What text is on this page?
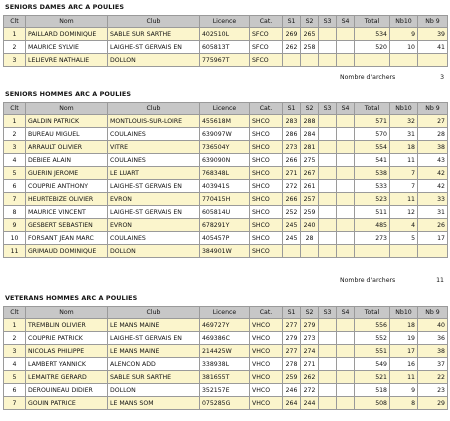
SENIORS DAMES ARC A POULIES
Clt	Nom	Club	Licence	Cat.	S1	S2	S3	S4	Total	Nb10	Nb 9
1	PAILLARD DOMINIQUE	SABLE SUR SARTHE	402510L	SFCO	269	265			534	9	39
2	MAURICE SYLVIE	LAIGHE-ST GERVAIS EN	605813T	SFCO	262	258			520	10	41
3	LELIEVRE NATHALIE	DOLLON	775967T	SFCO							
Nombre d'archers	3
SENIORS HOMMES ARC A POULIES
Clt	Nom	Club	Licence	Cat.	S1	S2	S3	S4	Total	Nb10	Nb 9
1	GALDIN PATRICK	MONTLOUIS-SUR-LOIRE	455618M	SHCO	283	288			571	32	27
2	BUREAU MIGUEL	COULAINES	639097W	SHCO	286	284			570	31	28
3	ARRAULT OLIVIER	VITRE	736504Y	SHCO	273	281			554	18	38
4	DEBIEE ALAIN	COULAINES	639090N	SHCO	266	275			541	11	43
5	GUERIN JEROME	LE LUART	768348L	SHCO	271	267			538	7	42
6	COUPRIE ANTHONY	LAIGHE-ST GERVAIS EN	403941S	SHCO	272	261			533	7	42
7	HEURTEBIZE OLIVIER	EVRON	770415H	SHCO	266	257			523	11	33
8	MAURICE VINCENT	LAIGHE-ST GERVAIS EN	605814U	SHCO	252	259			511	12	31
9	GESBERT SEBASTIEN	EVRON	678291Y	SHCO	245	240			485	4	26
10	FORSANT JEAN MARC	COULAINES	405457P	SHCO	245	28			273	5	17
11	GRIMAUD DOMINIQUE	DOLLON	384901W	SHCO							
Nombre d'archers	11
VETERANS HOMMES ARC A POULIES
Clt	Nom	Club	Licence	Cat.	S1	S2	S3	S4	Total	Nb10	Nb 9
1	TREMBLIN OLIVIER	LE MANS MAINE	469727Y	VHCO	277	279			556	18	40
2	COUPRIE PATRICK	LAIGHE-ST GERVAIS EN	469386C	VHCO	279	273			552	19	36
3	NICOLAS PHILIPPE	LE MANS MAINE	214425W	VHCO	277	274			551	17	38
4	LAMBERT YANNICK	ALENCON ADD	338938L	VHCO	278	271			549	16	37
5	LEMAITRE GERARD	SABLE SUR SARTHE	381655T	VHCO	259	262			521	11	22
6	DEROUINEAU DIDIER	DOLLON	352157E	VHCO	246	272			518	9	23
7	GOUIN PATRICE	LE MANS SOM	075285G	VHCO	264	244			508	8	29
